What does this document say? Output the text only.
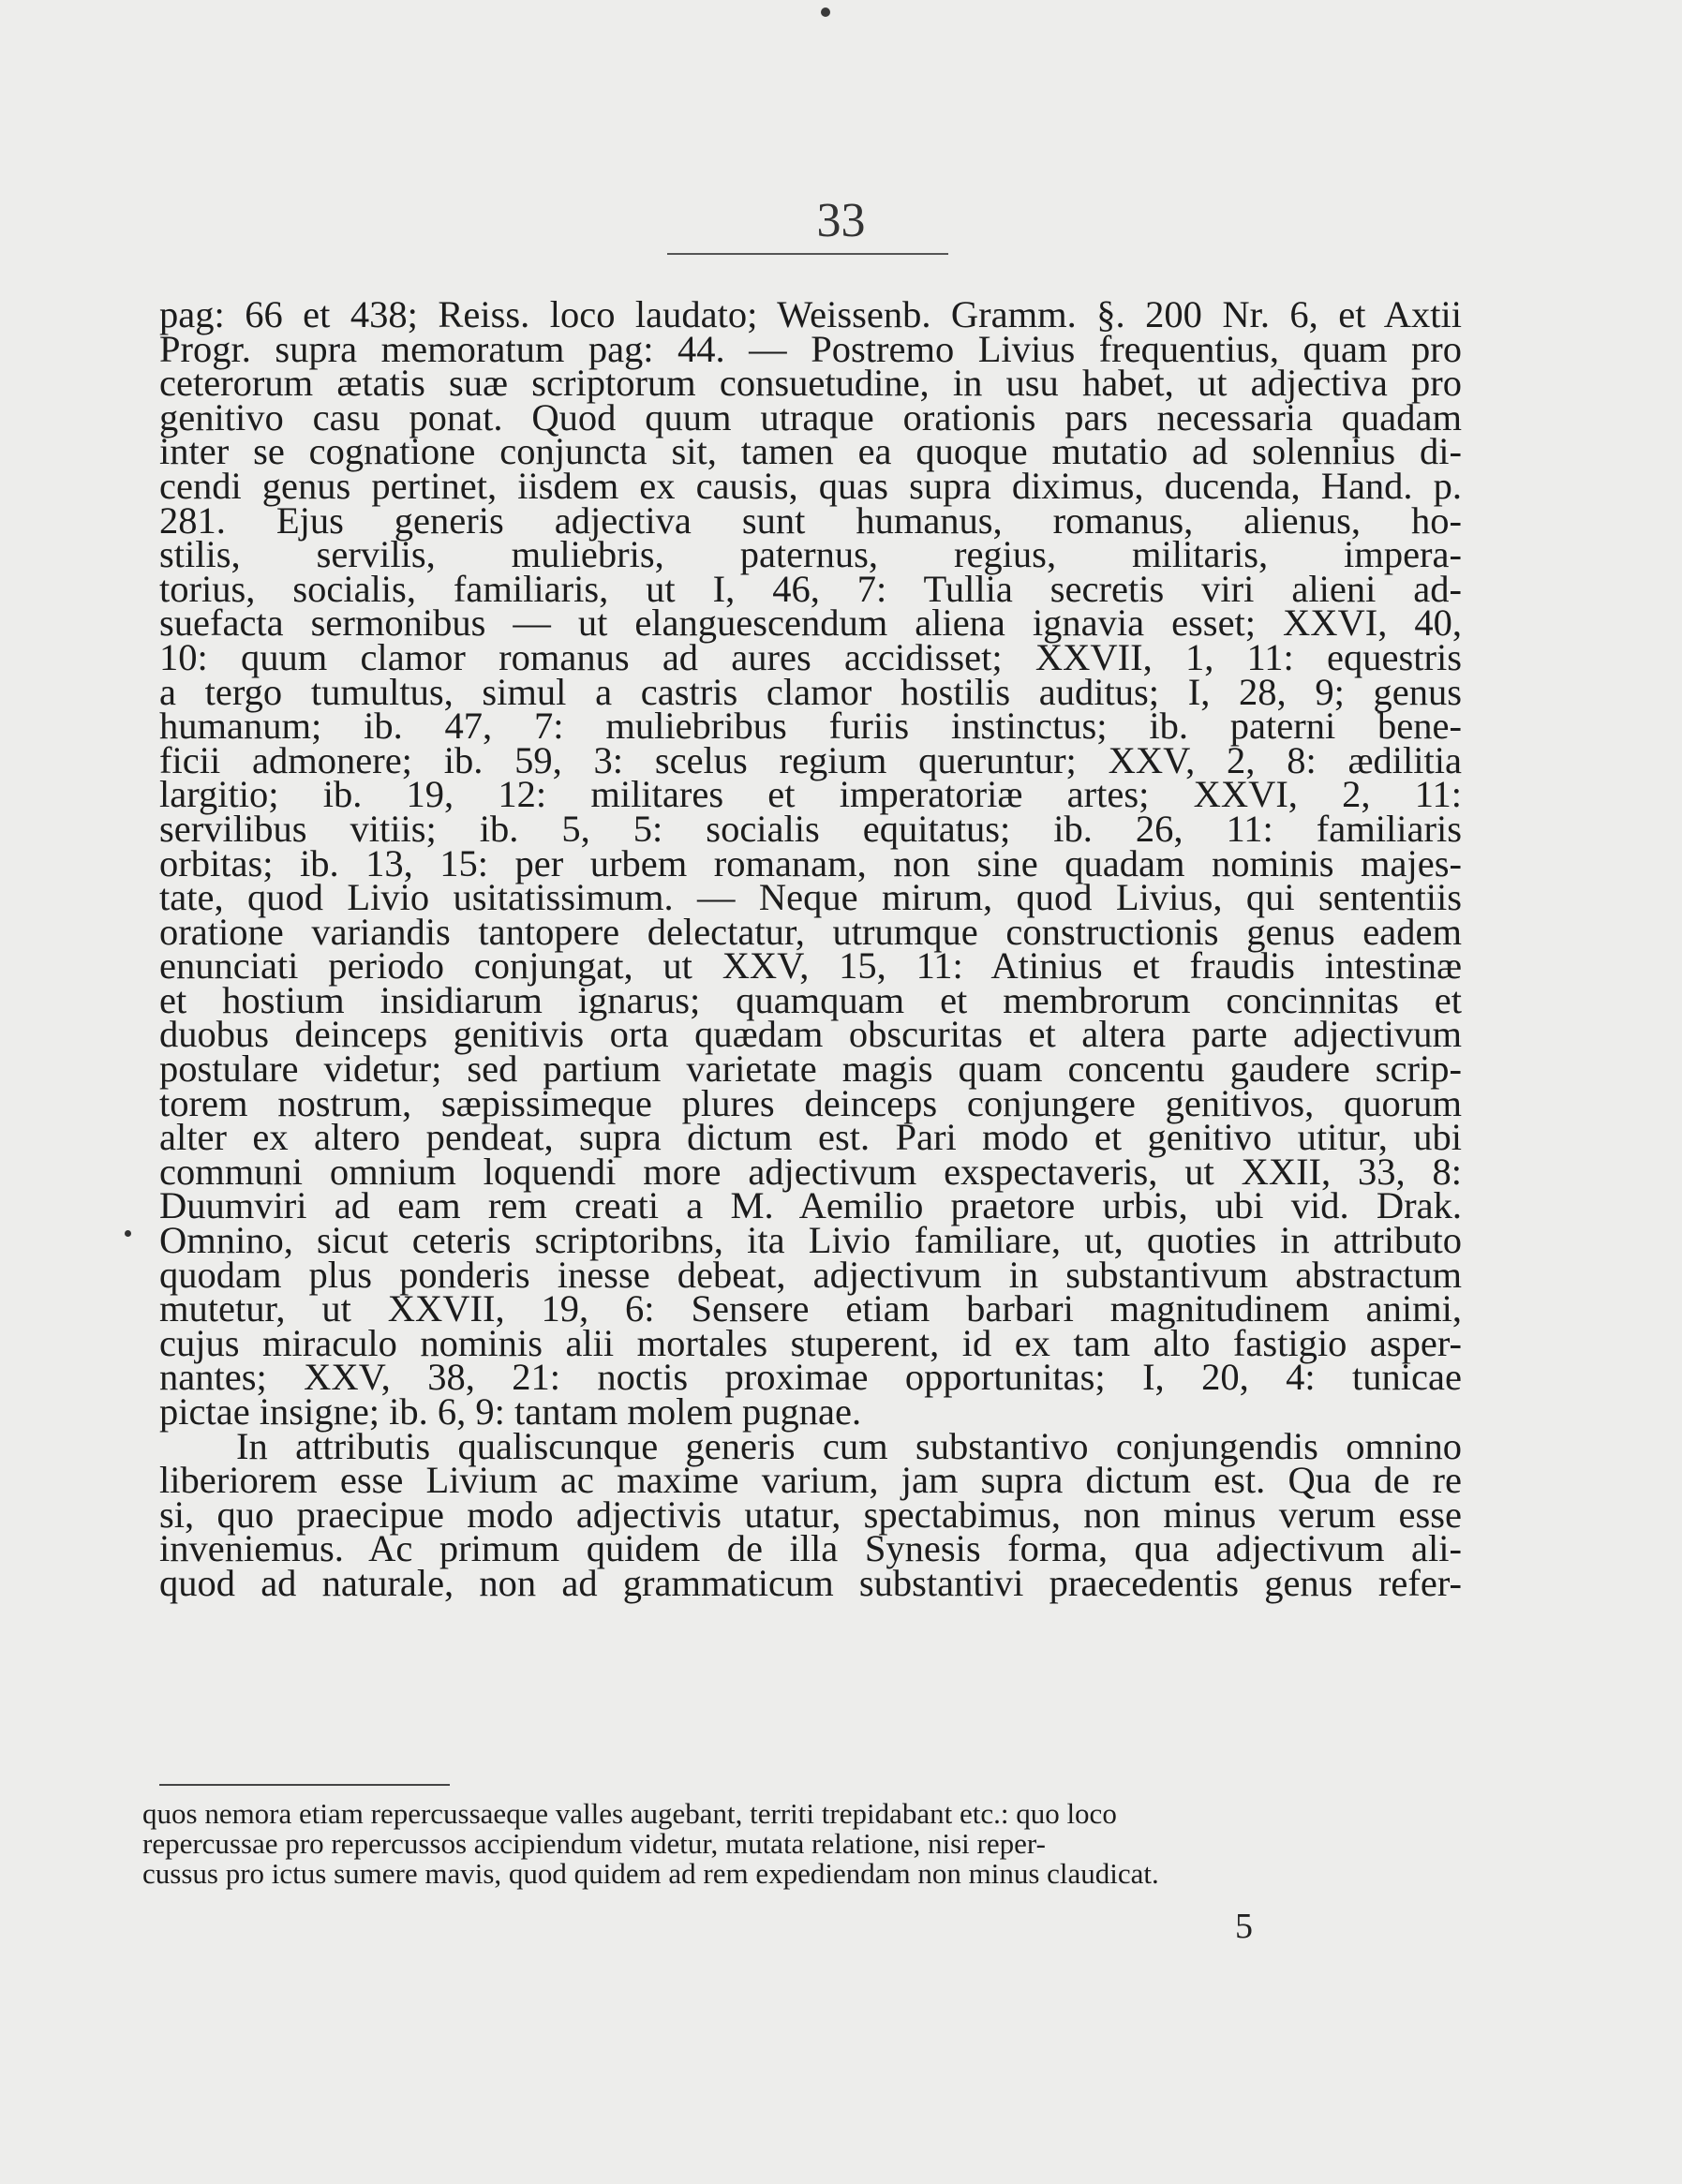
33
pag: 66 et 438; Reiss. loco laudato; Weissenb. Gramm. §. 200 Nr. 6, et Axtii
Progr. supra memoratum pag: 44. — Postremo Livius frequentius, quam pro
ceterorum ætatis suæ scriptorum consuetudine, in usu habet, ut adjectiva pro
genitivo casu ponat. Quod quum utraque orationis pars necessaria quadam
inter se cognatione conjuncta sit, tamen ea quoque mutatio ad solennius di-
cendi genus pertinet, iisdem ex causis, quas supra diximus, ducenda, Hand. p.
281. Ejus generis adjectiva sunt humanus, romanus, alienus, ho-
stilis, servilis, muliebris, paternus, regius, militaris, impera-
torius, socialis, familiaris, ut I, 46, 7: Tullia secretis viri alieni ad-
suefacta sermonibus — ut elanguescendum aliena ignavia esset; XXVI, 40,
10: quum clamor romanus ad aures accidisset; XXVII, 1, 11: equestris
a tergo tumultus, simul a castris clamor hostilis auditus; I, 28, 9; genus
humanum; ib. 47, 7: muliebribus furiis instinctus; ib. paterni bene-
ficii admonere; ib. 59, 3: scelus regium queruntur; XXV, 2, 8: ædilitia
largitio; ib. 19, 12: militares et imperatoriæ artes; XXVI, 2, 11:
servilibus vitiis; ib. 5, 5: socialis equitatus; ib. 26, 11: familiaris
orbitas; ib. 13, 15: per urbem romanam, non sine quadam nominis majes-
tate, quod Livio usitatissimum. — Neque mirum, quod Livius, qui sententiis
oratione variandis tantopere delectatur, utrumque constructionis genus eadem
enunciati periodo conjungat, ut XXV, 15, 11: Atinius et fraudis intestinæ
et hostium insidiarum ignarus; quamquam et membrorum concinnitas et
duobus deinceps genitivis orta quædam obscuritas et altera parte adjectivum
postulare videtur; sed partium varietate magis quam concentu gaudere scrip-
torem nostrum, sæpissimeque plures deinceps conjungere genitivos, quorum
alter ex altero pendeat, supra dictum est. Pari modo et genitivo utitur, ubi
communi omnium loquendi more adjectivum exspectaveris, ut XXII, 33, 8:
Duumviri ad eam rem creati a M. Aemilio praetore urbis, ubi vid. Drak.
Omnino, sicut ceteris scriptoribns, ita Livio familiare, ut, quoties in attributo
quodam plus ponderis inesse debeat, adjectivum in substantivum abstractum
mutetur, ut XXVII, 19, 6: Sensere etiam barbari magnitudinem animi,
cujus miraculo nominis alii mortales stuperent, id ex tam alto fastigio asper-
nantes; XXV, 38, 21: noctis proximae opportunitas; I, 20, 4: tunicae
pictae insigne; ib. 6, 9: tantam molem pugnae.
In attributis qualiscunque generis cum substantivo conjungendis omnino
liberiorem esse Livium ac maxime varium, jam supra dictum est. Qua de re
si, quo praecipue modo adjectivis utatur, spectabimus, non minus verum esse
inveniemus. Ac primum quidem de illa Synesis forma, qua adjectivum ali-
quod ad naturale, non ad grammaticum substantivi praecedentis genus refer-
quos nemora etiam repercussaeque valles augebant, territi trepidabant etc.: quo loco
repercussae pro repercussos accipiendum videtur, mutata relatione, nisi reper-
cussus pro ictus sumere mavis, quod quidem ad rem expediendam non minus claudicat.
5
